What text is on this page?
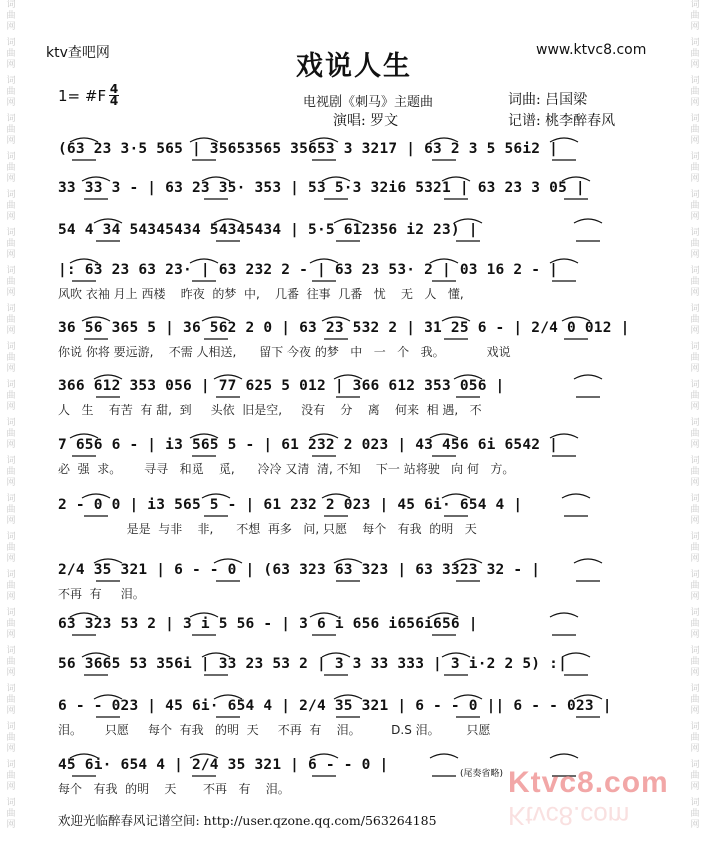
词曲网
词曲网
词曲网
词曲网
词曲网
词曲网
词曲网
词曲网
词曲网
词曲网
词曲网
词曲网
词曲网
词曲网
词曲网
词曲网
词曲网
词曲网
词曲网
词曲网
词曲网
词曲网
词曲网
词曲网
词曲网
词曲网
词曲网
词曲网
词曲网
词曲网
词曲网
词曲网
词曲网
词曲网
词曲网
词曲网
词曲网
词曲网
词曲网
词曲网
词曲网
词曲网
词曲网
词曲网
ktv查吧网	戏说人生
www.ktvc8.com
1= #F 4
4	电视剧《刺马》主题曲	词曲: 吕国梁
演唱: 罗文	记谱: 桃李醉春风
(63 23 3·5 565 | 35653565 35653 3 3217 | 63 2 3 5 56i2 |
33 33 3 - | 63 23 35· 353 | 53 5·3 32i6 5321 | 63 23 3 05 |
54 4 34 54345434 54345434 | 5·5 612356 i2 23) |
|: 63 23 63 23· | 63 232 2 - | 63 23 53· 2 | 03 16 2 - |
风吹 衣袖 月上 西楼    昨夜  的梦  中,    几番  往事  几番   忧    无   人   懂,
36 56 365 5 | 36 562 2 0 | 63 23 532 2 | 31 25 6 - | 2/4 0 012 |
你说 你将 要远游,    不需 人相送,      留下 今夜 的梦   中   一   个   我。           戏说
366 612 353 056 | 77 625 5 012 | 366 612 353 056 |
人   生    有苦  有 甜,  到     头依  旧是空,     没有    分    离    何来  相 遇,   不
7 656 6 - | i3 565 5 - | 61 232 2 023 | 43 456 6i 6542 |
必  强  求。      寻寻   和觅    觅,      冷冷 又清  清, 不知    下一 站将驶   向 何   方。
2 - 0 0 | i3 565 5 - | 61 232 2 023 | 45 6i· 654 4 |
是是  与非    非,      不想  再多   问, 只愿    每个   有我  的明   天
2/4 35 321 | 6 - - 0 | (63 323 63 323 | 63 3323 32 - |
不再  有     泪。
63 323 53 2 | 3 i 5 56 - | 3 6 i 656 i656i656 |
56 3665 53 356i | 33 23 53 2 | 3 3 33 333 | 3 i·2 2 5) :|
6 - - 023 | 45 6i· 654 4 | 2/4 35 321 | 6 - - 0 || 6 - - 023 |
泪。      只愿     每个  有我   的明  天     不再  有    泪。        D.S 泪。       只愿
45 6i· 654 4 | 2/4 35 321 | 6 - - 0 |
每个   有我  的明    天       不再   有    泪。
(尾奏省略) Ktvc8.com
Ktvc8.com
欢迎光临醉春风记谱空间: http://user.qzone.qq.com/563264185
